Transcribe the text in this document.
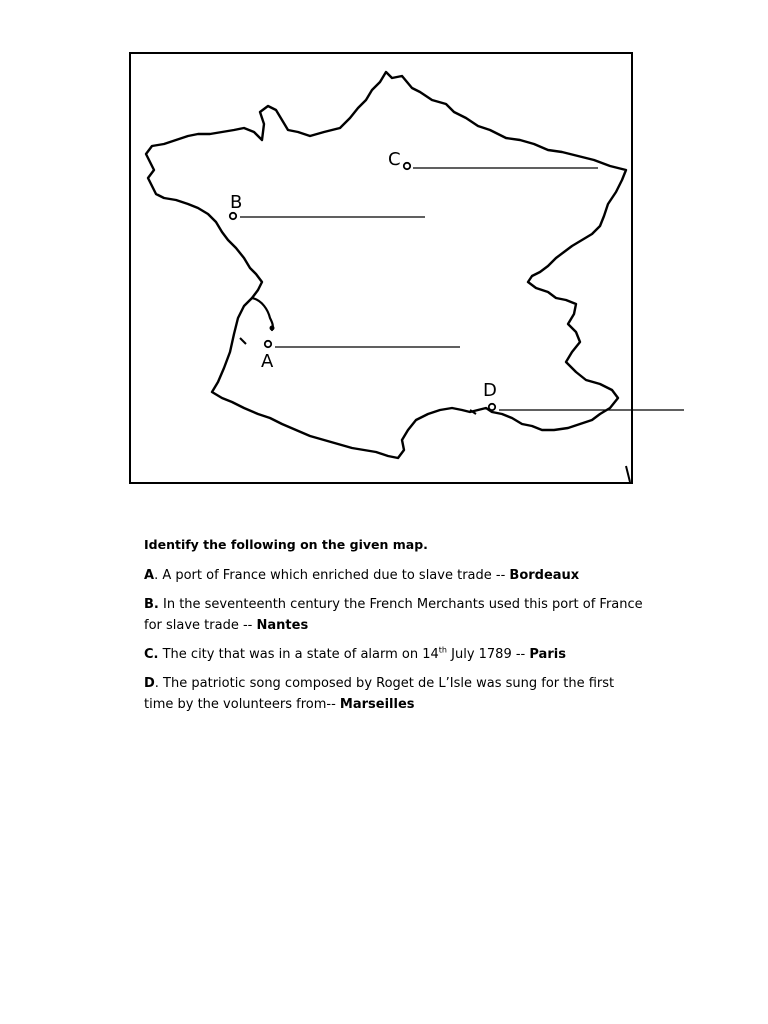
C
B
A
D

Identify the following on the given map.

A. A port of France which enriched due to slave trade -- Bordeaux

B. In the seventeenth century the French Merchants used this port of France for slave trade -- Nantes

C. The city that was in a state of alarm on 14th July 1789 -- Paris

D. The patriotic song composed by Roget de L’Isle was sung for the first time by the volunteers from-- Marseilles
